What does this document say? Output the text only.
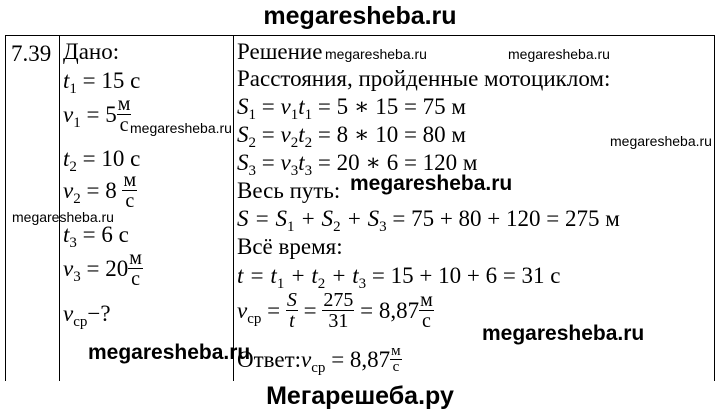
megaresheba.ru
7.39 Дано:
$t_1 = 15$ с
$v_1 = 5 \frac{м}{с}$
$t_2 = 10$ с
$v_2 = 8 \frac{м}{с}$
$t_3 = 6$ с
$v_3 = 20 \frac{м}{с}$
$v_{ср}-$?
Решение
Расстояния, пройденные мотоциклом:
$S_1 = v_1t_1 = 5$ ∗ 15 = 75 м
$S_2 = v_2t_2 = 8$ ∗ 10 = 80 м
$S_3 = v_3t_3 = 20$ ∗ 6 = 120 м
Весь путь:
$S = S_1 + S_2 + S_3 = 75 + 80 + 120 = 275$ м
Всё время:
$t = t_1 + t_2 + t_3 = 15 + 10 + 6 = 31$ с
$v_{ср} = \frac{S}{t} = \frac{275}{31} = 8,87 \frac{м}{с}$
$Ответ:v_{ср} = 8,87 \frac{м}{с}$
Мегарешеба.ру
megaresheba.ru	megaresheba.ru
megaresheba.ru
megaresheba.ru
megaresheba.ru
megaresheba.ru
megaresheba.ru
megaresheba.ru
